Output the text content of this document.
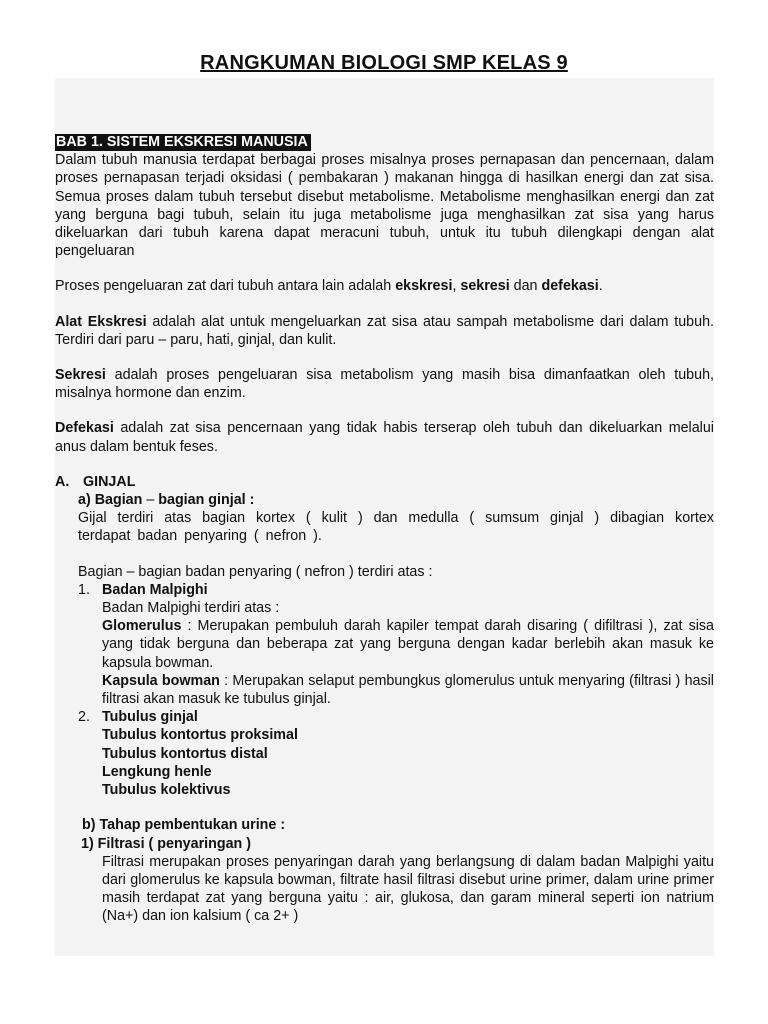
RANGKUMAN BIOLOGI SMP KELAS 9

BAB 1. SISTEM EKSKRESI MANUSIA

Dalam tubuh manusia terdapat berbagai proses misalnya proses pernapasan dan pencernaan, dalam proses pernapasan terjadi oksidasi ( pembakaran ) makanan hingga di hasilkan energi dan zat sisa. Semua proses dalam tubuh tersebut disebut metabolisme. Metabolisme menghasilkan energi dan zat yang berguna bagi tubuh, selain itu juga metabolisme juga menghasilkan zat sisa yang harus dikeluarkan dari tubuh karena dapat meracuni tubuh, untuk itu tubuh dilengkapi dengan alat pengeluaran

Proses pengeluaran zat dari tubuh antara lain adalah ekskresi, sekresi dan defekasi.

Alat Ekskresi adalah alat untuk mengeluarkan zat sisa atau sampah metabolisme dari dalam tubuh. Terdiri dari paru – paru, hati, ginjal, dan kulit.

Sekresi adalah proses pengeluaran sisa metabolism yang masih bisa dimanfaatkan oleh tubuh, misalnya hormone dan enzim.

Defekasi adalah zat sisa pencernaan yang tidak habis terserap oleh tubuh dan dikeluarkan melalui anus dalam bentuk feses.

A. GINJAL

a) Bagian – bagian ginjal :

Gijal terdiri atas bagian kortex ( kulit ) dan medulla ( sumsum ginjal ) dibagian kortex terdapat badan penyaring ( nefron ).

Bagian – bagian badan penyaring ( nefron ) terdiri atas :

1. Badan Malpighi

Badan Malpighi terdiri atas :

Glomerulus : Merupakan pembuluh darah kapiler tempat darah disaring ( difiltrasi ), zat sisa yang tidak berguna dan beberapa zat yang berguna dengan kadar berlebih akan masuk ke kapsula bowman.

Kapsula bowman : Merupakan selaput pembungkus glomerulus untuk menyaring (filtrasi ) hasil filtrasi akan masuk ke tubulus ginjal.

2. Tubulus ginjal

Tubulus kontortus proksimal

Tubulus kontortus distal

Lengkung henle

Tubulus kolektivus

b) Tahap pembentukan urine :

1) Filtrasi ( penyaringan )

Filtrasi merupakan proses penyaringan darah yang berlangsung di dalam badan Malpighi yaitu dari glomerulus ke kapsula bowman, filtrate hasil filtrasi disebut urine primer, dalam urine primer masih terdapat zat yang berguna yaitu : air, glukosa, dan garam mineral seperti ion natrium (Na+) dan ion kalsium ( ca 2+ )
